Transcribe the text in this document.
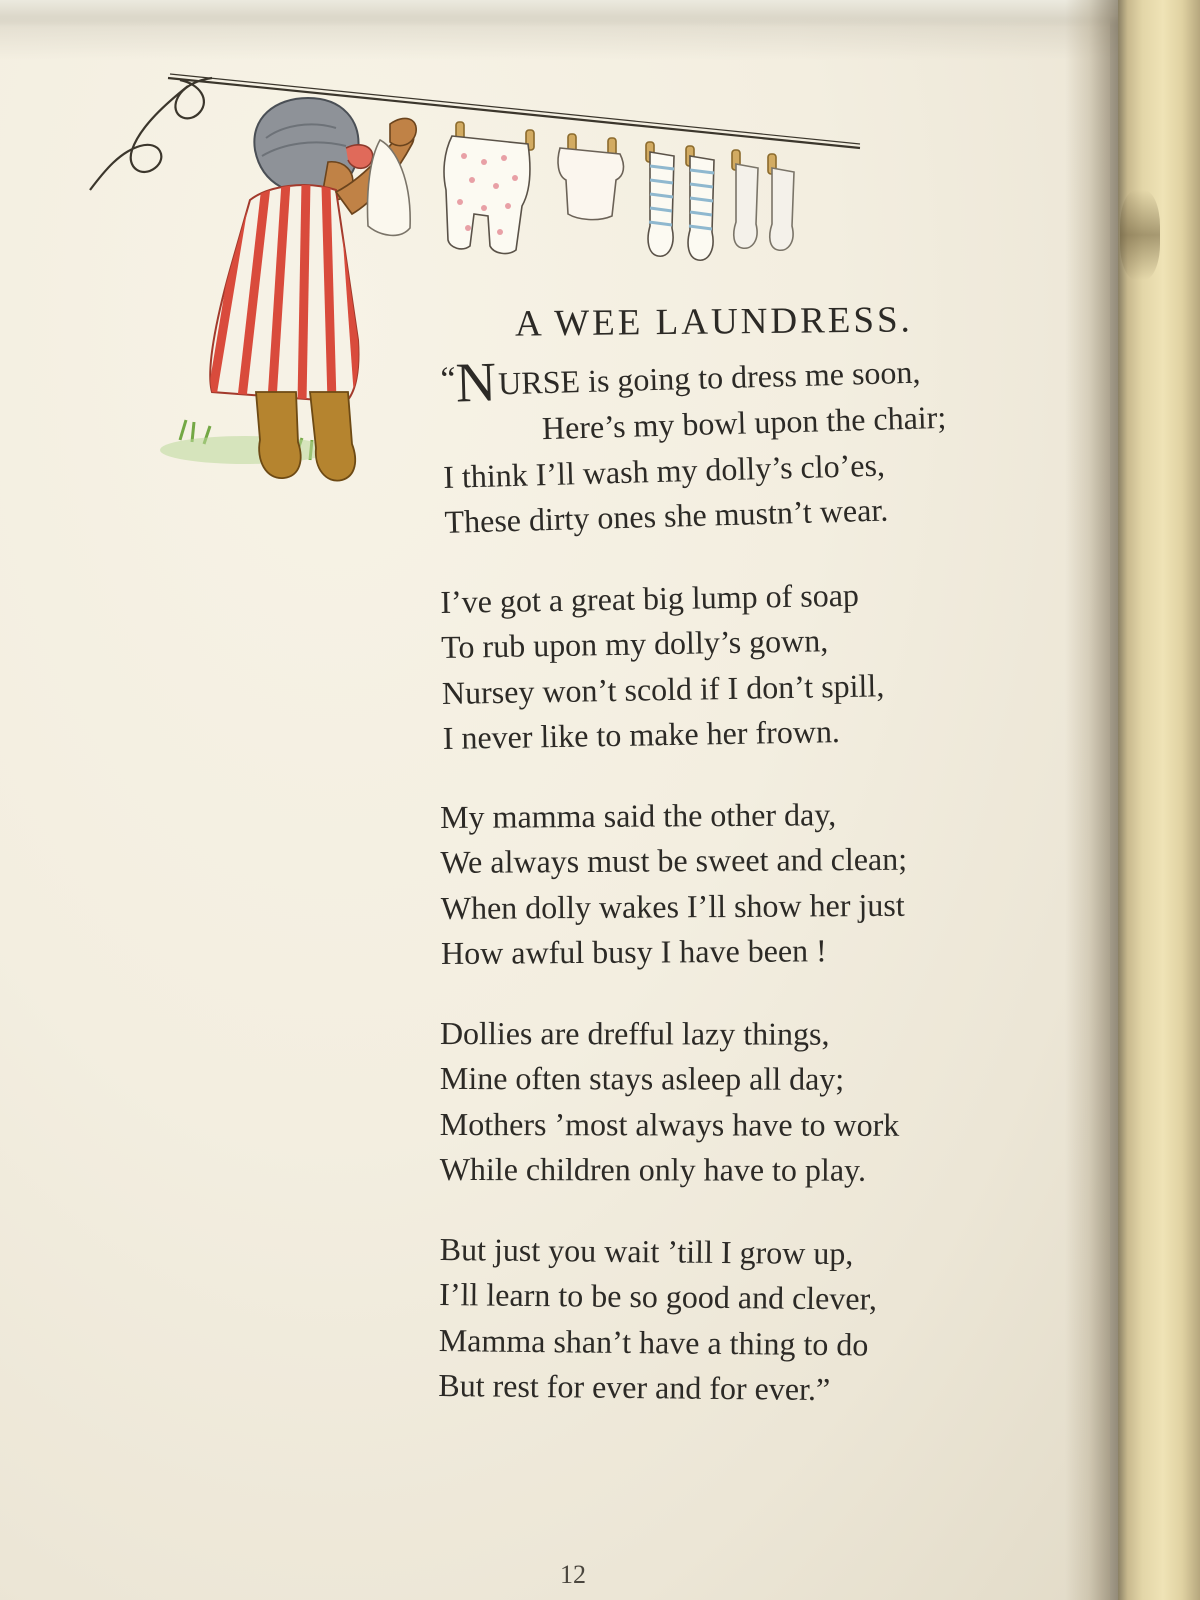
A WEE LAUNDRESS.
“NURSE is going to dress me soon,
Here’s my bowl upon the chair;
I think I’ll wash my dolly’s clo’es,
These dirty ones she mustn’t wear.
I’ve got a great big lump of soap
To rub upon my dolly’s gown,
Nursey won’t scold if I don’t spill,
I never like to make her frown.
My mamma said the other day,
We always must be sweet and clean;
When dolly wakes I’ll show her just
How awful busy I have been !
Dollies are drefful lazy things,
Mine often stays asleep all day;
Mothers ’most always have to work
While children only have to play.
But just you wait ’till I grow up,
I’ll learn to be so good and clever,
Mamma shan’t have a thing to do
But rest for ever and for ever.”
12
